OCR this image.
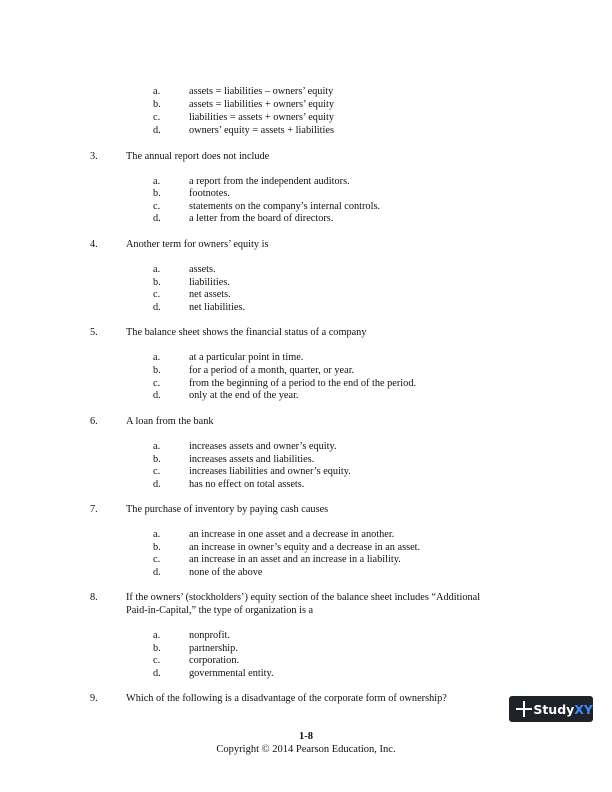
a.	assets = liabilities – owners’ equity
b.	assets = liabilities + owners’ equity
c.	liabilities = assets + owners’ equity
d.	owners’ equity = assets + liabilities
3.	The annual report does not include
a.	a report from the independent auditors.
b.	footnotes.
c.	statements on the company’s internal controls.
d.	a letter from the board of directors.
4.	Another term for owners’ equity is
a.	assets.
b.	liabilities.
c.	net assets.
d.	net liabilities.
5.	The balance sheet shows the financial status of a company
a.	at a particular point in time.
b.	for a period of a month, quarter, or year.
c.	from the beginning of a period to the end of the period.
d.	only at the end of the year.
6.	A loan from the bank
a.	increases assets and owner’s equity.
b.	increases assets and liabilities.
c.	increases liabilities and owner’s equity.
d.	has no effect on total assets.
7.	The purchase of inventory by paying cash causes
a.	an increase in one asset and a decrease in another.
b.	an increase in owner’s equity and a decrease in an asset.
c.	an increase in an asset and an increase in a liability.
d.	none of the above
8.	If the owners’ (stockholders’) equity section of the balance sheet includes “Additional
Paid-in-Capital,” the type of organization is a
a.	nonprofit.
b.	partnership.
c.	corporation.
d.	governmental entity.
9.	Which of the following is a disadvantage of the corporate form of ownership?
Study XY
1-8
Copyright © 2014 Pearson Education, Inc.
